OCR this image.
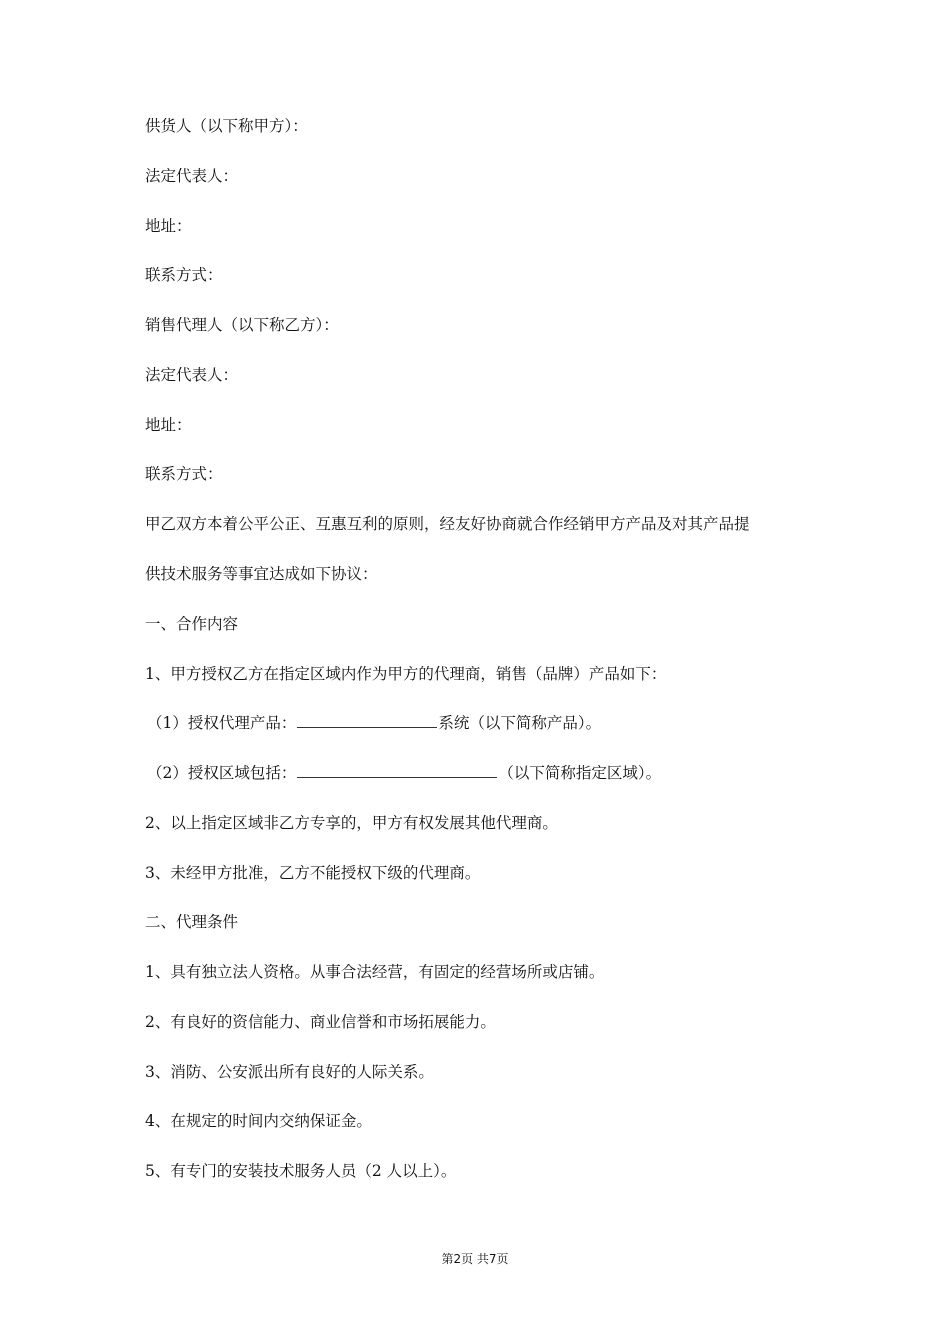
供货人（以下称甲方）：
法定代表人：
地址：
联系方式：
销售代理人（以下称乙方）：
法定代表人：
地址：
联系方式：
甲乙双方本着公平公正、互惠互利的原则，经友好协商就合作经销甲方产品及对其产品提
供技术服务等事宜达成如下协议：
一、合作内容
1、甲方授权乙方在指定区域内作为甲方的代理商，销售（品牌）产品如下：
（1）授权代理产品：	系统（以下简称产品）。
（2）授权区域包括：	（以下简称指定区域）。
2、以上指定区域非乙方专享的，甲方有权发展其他代理商。
3、未经甲方批准，乙方不能授权下级的代理商。
二、代理条件
1、具有独立法人资格。从事合法经营，有固定的经营场所或店铺。
2、有良好的资信能力、商业信誉和市场拓展能力。
3、消防、公安派出所有良好的人际关系。
4、在规定的时间内交纳保证金。
5、有专门的安装技术服务人员（2 人以上）。
第2页 共7页
